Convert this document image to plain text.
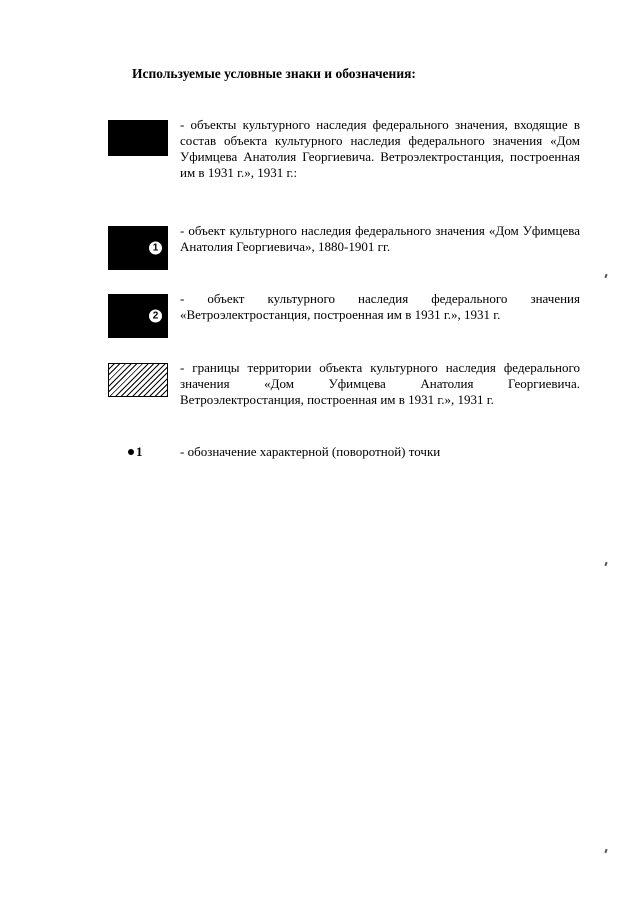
Используемые условные знаки и обозначения:
- объекты культурного наследия федерального значения, входящие в состав объекта культурного наследия федерального значения «Дом Уфимцева Анатолия Георгиевича. Ветроэлектростанция, построенная им в 1931 г.», 1931 г.:
1
- объект культурного наследия федерального значения «Дом Уфимцева Анатолия Георгиевича», 1880-1901 гг.
2
- объект культурного наследия федерального значения «Ветроэлектростанция, построенная им в 1931 г.», 1931 г.
- границы территории объекта культурного наследия федерального значения «Дом Уфимцева Анатолия Георгиевича. Ветроэлектростанция, построенная им в 1931 г.», 1931 г.
1	- обозначение характерной (поворотной) точки
